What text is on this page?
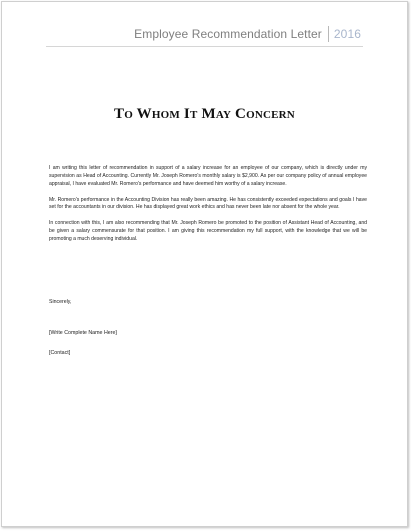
Employee Recommendation Letter	2016
To Whom It May Concern

I am writing this letter of recommendation in support of a salary increase for an employee of our company, which is directly under my supervision as Head of Accounting. Currently Mr. Joseph Romero's monthly salary is $2,900. As per our company policy of annual employee appraisal, I have evaluated Mr. Romero's performance and have deemed him worthy of a salary increase.

Mr. Romero's performance in the Accounting Division has really been amazing. He has consistently exceeded expectations and goals I have set for the accountants in our division. He has displayed great work ethics and has never been late nor absent for the whole year.

In connection with this, I am also recommending that Mr. Joseph Romero be promoted to the position of Assistant Head of Accounting, and be given a salary commensurate for that position. I am giving this recommendation my full support, with the knowledge that we will be promoting a much deserving individual.

Sincerely,
[Write Complete Name Here]
[Contact]
